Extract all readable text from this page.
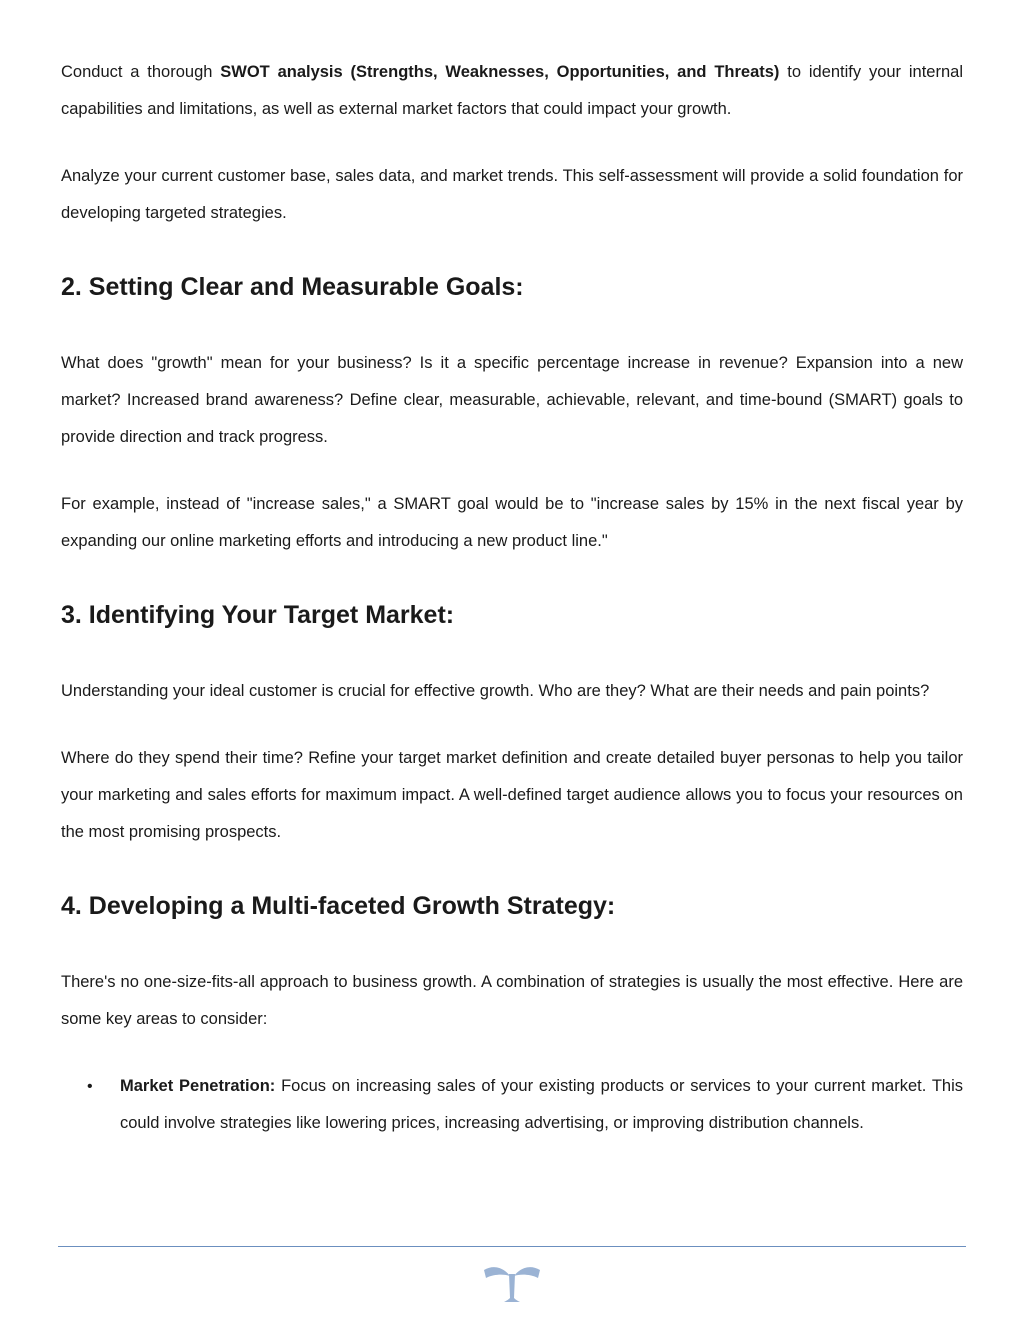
Conduct a thorough SWOT analysis (Strengths, Weaknesses, Opportunities, and Threats) to identify your internal capabilities and limitations, as well as external market factors that could impact your growth.

Analyze your current customer base, sales data, and market trends. This self-assessment will provide a solid foundation for developing targeted strategies.

2. Setting Clear and Measurable Goals:

What does "growth" mean for your business? Is it a specific percentage increase in revenue? Expansion into a new market? Increased brand awareness? Define clear, measurable, achievable, relevant, and time-bound (SMART) goals to provide direction and track progress.

For example, instead of "increase sales," a SMART goal would be to "increase sales by 15% in the next fiscal year by expanding our online marketing efforts and introducing a new product line."

3. Identifying Your Target Market:

Understanding your ideal customer is crucial for effective growth. Who are they? What are their needs and pain points?

Where do they spend their time? Refine your target market definition and create detailed buyer personas to help you tailor your marketing and sales efforts for maximum impact. A well-defined target audience allows you to focus your resources on the most promising prospects.

4. Developing a Multi-faceted Growth Strategy:

There's no one-size-fits-all approach to business growth. A combination of strategies is usually the most effective. Here are some key areas to consider:

• Market Penetration: Focus on increasing sales of your existing products or services to your current market. This could involve strategies like lowering prices, increasing advertising, or improving distribution channels.
